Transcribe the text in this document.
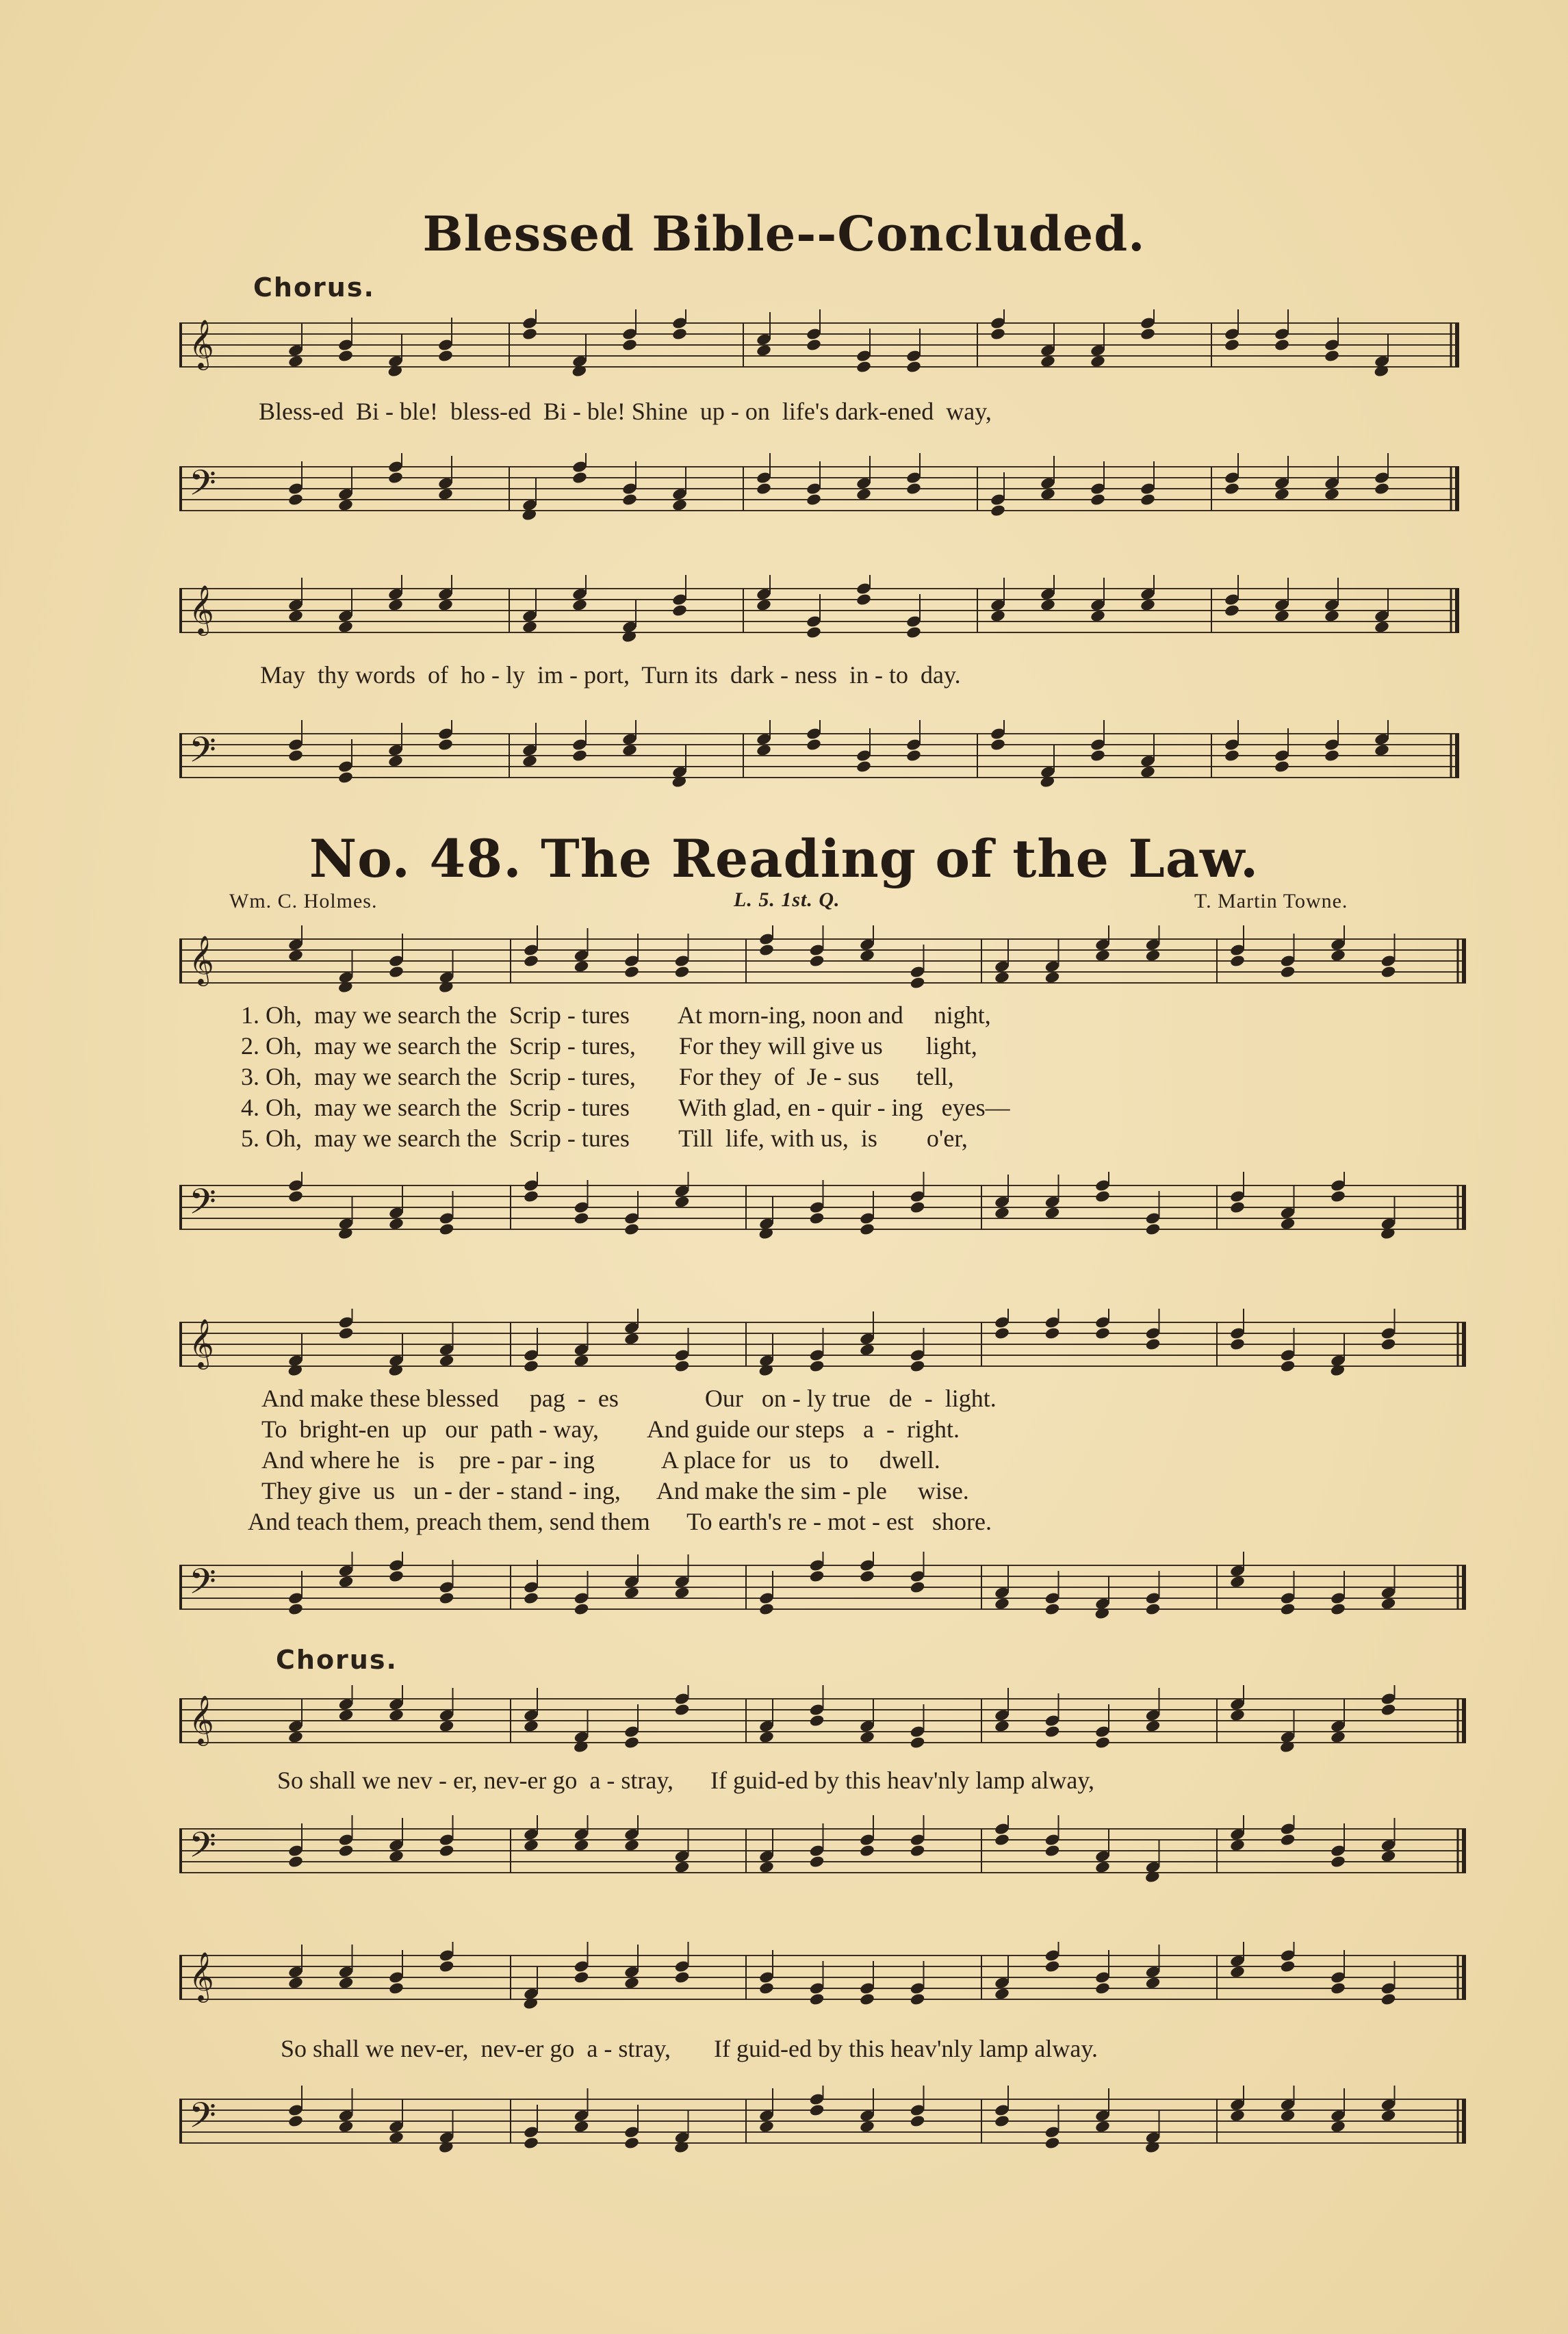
Blessed Bible--Concluded.
Chorus.
𝄞
Bless-ed  Bi - ble!  bless-ed  Bi - ble! Shine  up - on  life's dark-ened  way,
𝄢
𝄞
May  thy words  of  ho - ly  im - port,  Turn its  dark - ness  in - to  day.
𝄢
No. 48. The Reading of the Law.
Wm. C. Holmes.	L. 5. 1st. Q.	T. Martin Towne.
𝄞
1. Oh,  may we search the  Scrip - tures        At morn-ing, noon and     night,
2. Oh,  may we search the  Scrip - tures,       For they will give us       light,
3. Oh,  may we search the  Scrip - tures,       For they  of  Je - sus      tell,
4. Oh,  may we search the  Scrip - tures        With glad, en - quir - ing   eyes—
5. Oh,  may we search the  Scrip - tures        Till  life, with us,  is        o'er,
𝄢
𝄞
And make these blessed     pag  -  es              Our   on - ly true   de  -  light.
To  bright-en  up   our  path - way,        And guide our steps   a  -  right.
And where he   is    pre - par - ing           A place for   us   to     dwell.
They give  us   un - der - stand - ing,      And make the sim - ple     wise.
And teach them, preach them, send them      To earth's re - mot - est   shore.
𝄢
Chorus.
𝄞
So shall we nev - er, nev-er go  a - stray,      If guid-ed by this heav'nly lamp alway,
𝄢
𝄞
So shall we nev-er,  nev-er go  a - stray,       If guid-ed by this heav'nly lamp alway.
𝄢
